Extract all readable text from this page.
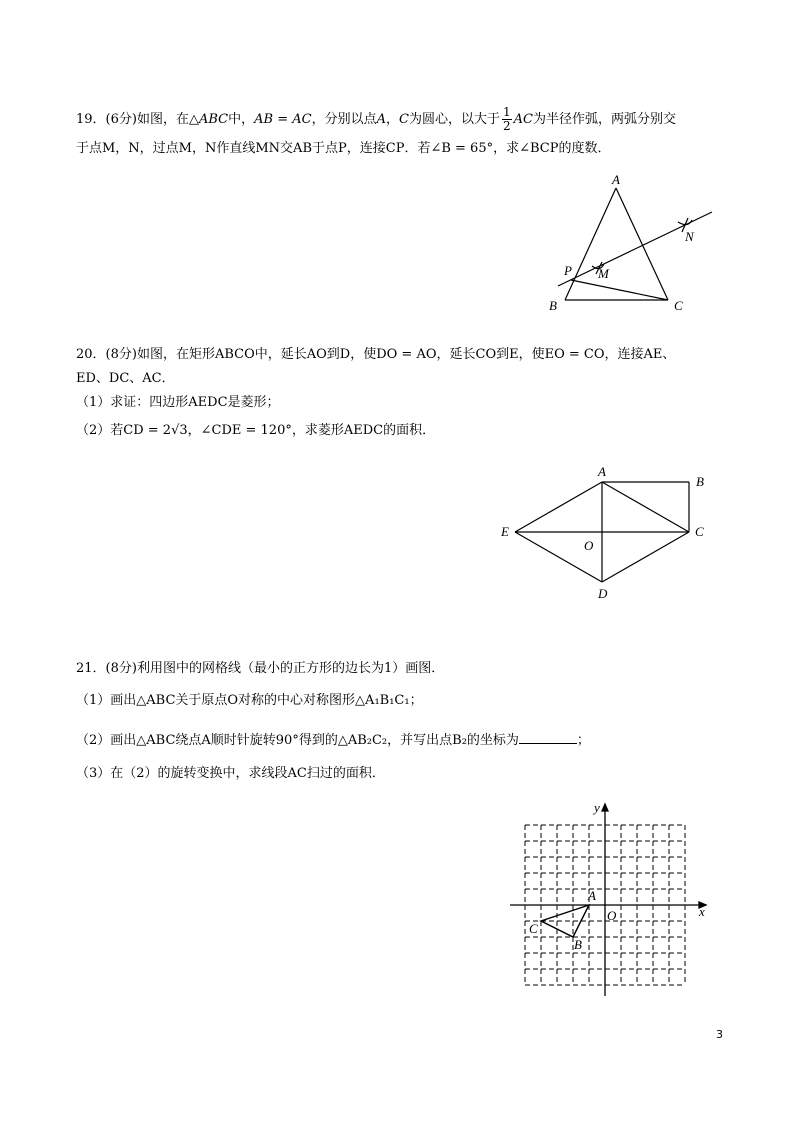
19．(6分)如图，在△ABC中，AB = AC，分别以点A，C为圆心，以大于 $\frac{1}{2}$ AC为半径作弧，两弧分别交
于点M，N，过点M，N作直线MN交AB于点P，连接CP．若∠B = 65°，求∠BCP的度数．
A
B	C
P M
N
20．(8分)如图，在矩形ABCO中，延长AO到D，使DO = AO，延长CO到E，使EO = CO，连接AE、
ED、DC、AC．
（1）求证：四边形AEDC是菱形；
（2）若CD = 2√3，∠CDE = 120°，求菱形AEDC的面积．
A
B
C
D
E
O
21．(8分)利用图中的网格线（最小的正方形的边长为1）画图．
（1）画出△ABC关于原点O对称的中心对称图形△A₁B₁C₁；
（2）画出△ABC绕点A顺时针旋转90°得到的△AB₂C₂，并写出点B₂的坐标为	；
（3）在（2）的旋转变换中，求线段AC扫过的面积．
x
y
O
A
C
B
3
